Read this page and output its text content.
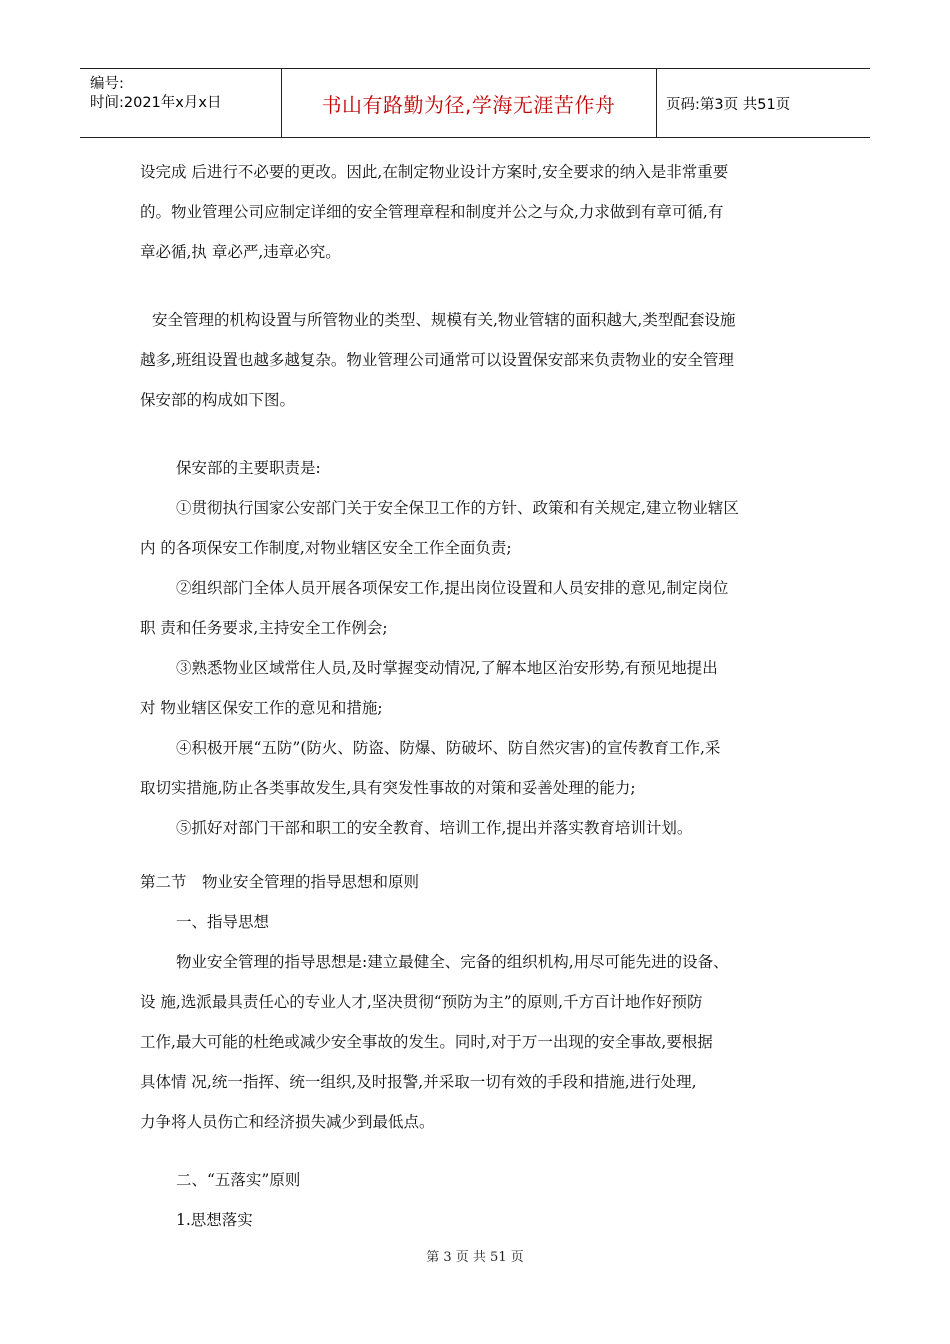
编号:
时间:2021年x月x日	书山有路勤为径,学海无涯苦作舟	页码:第3页 共51页
设完成 后进行不必要的更改。因此,在制定物业设计方案时,安全要求的纳入是非常重要
的。物业管理公司应制定详细的安全管理章程和制度并公之与众,力求做到有章可循,有
章必循,执 章必严,违章必究。
安全管理的机构设置与所管物业的类型、规模有关,物业管辖的面积越大,类型配套设施
越多,班组设置也越多越复杂。物业管理公司通常可以设置保安部来负责物业的安全管理
保安部的构成如下图。
保安部的主要职责是:
①贯彻执行国家公安部门关于安全保卫工作的方针、政策和有关规定,建立物业辖区
内 的各项保安工作制度,对物业辖区安全工作全面负责;
②组织部门全体人员开展各项保安工作,提出岗位设置和人员安排的意见,制定岗位
职 责和任务要求,主持安全工作例会;
③熟悉物业区域常住人员,及时掌握变动情况,了解本地区治安形势,有预见地提出
对 物业辖区保安工作的意见和措施;
④积极开展“五防”(防火、防盗、防爆、防破坏、防自然灾害)的宣传教育工作,采
取切实措施,防止各类事故发生,具有突发性事故的对策和妥善处理的能力;
⑤抓好对部门干部和职工的安全教育、培训工作,提出并落实教育培训计划。
第二节　物业安全管理的指导思想和原则
一、指导思想
物业安全管理的指导思想是:建立最健全、完备的组织机构,用尽可能先进的设备、
设 施,选派最具责任心的专业人才,坚决贯彻“预防为主”的原则,千方百计地作好预防
工作,最大可能的杜绝或减少安全事故的发生。同时,对于万一出现的安全事故,要根据
具体情 况,统一指挥、统一组织,及时报警,并采取一切有效的手段和措施,进行处理,
力争将人员伤亡和经济损失减少到最低点。
二、“五落实”原则
1.思想落实
第 3 页 共 51 页
